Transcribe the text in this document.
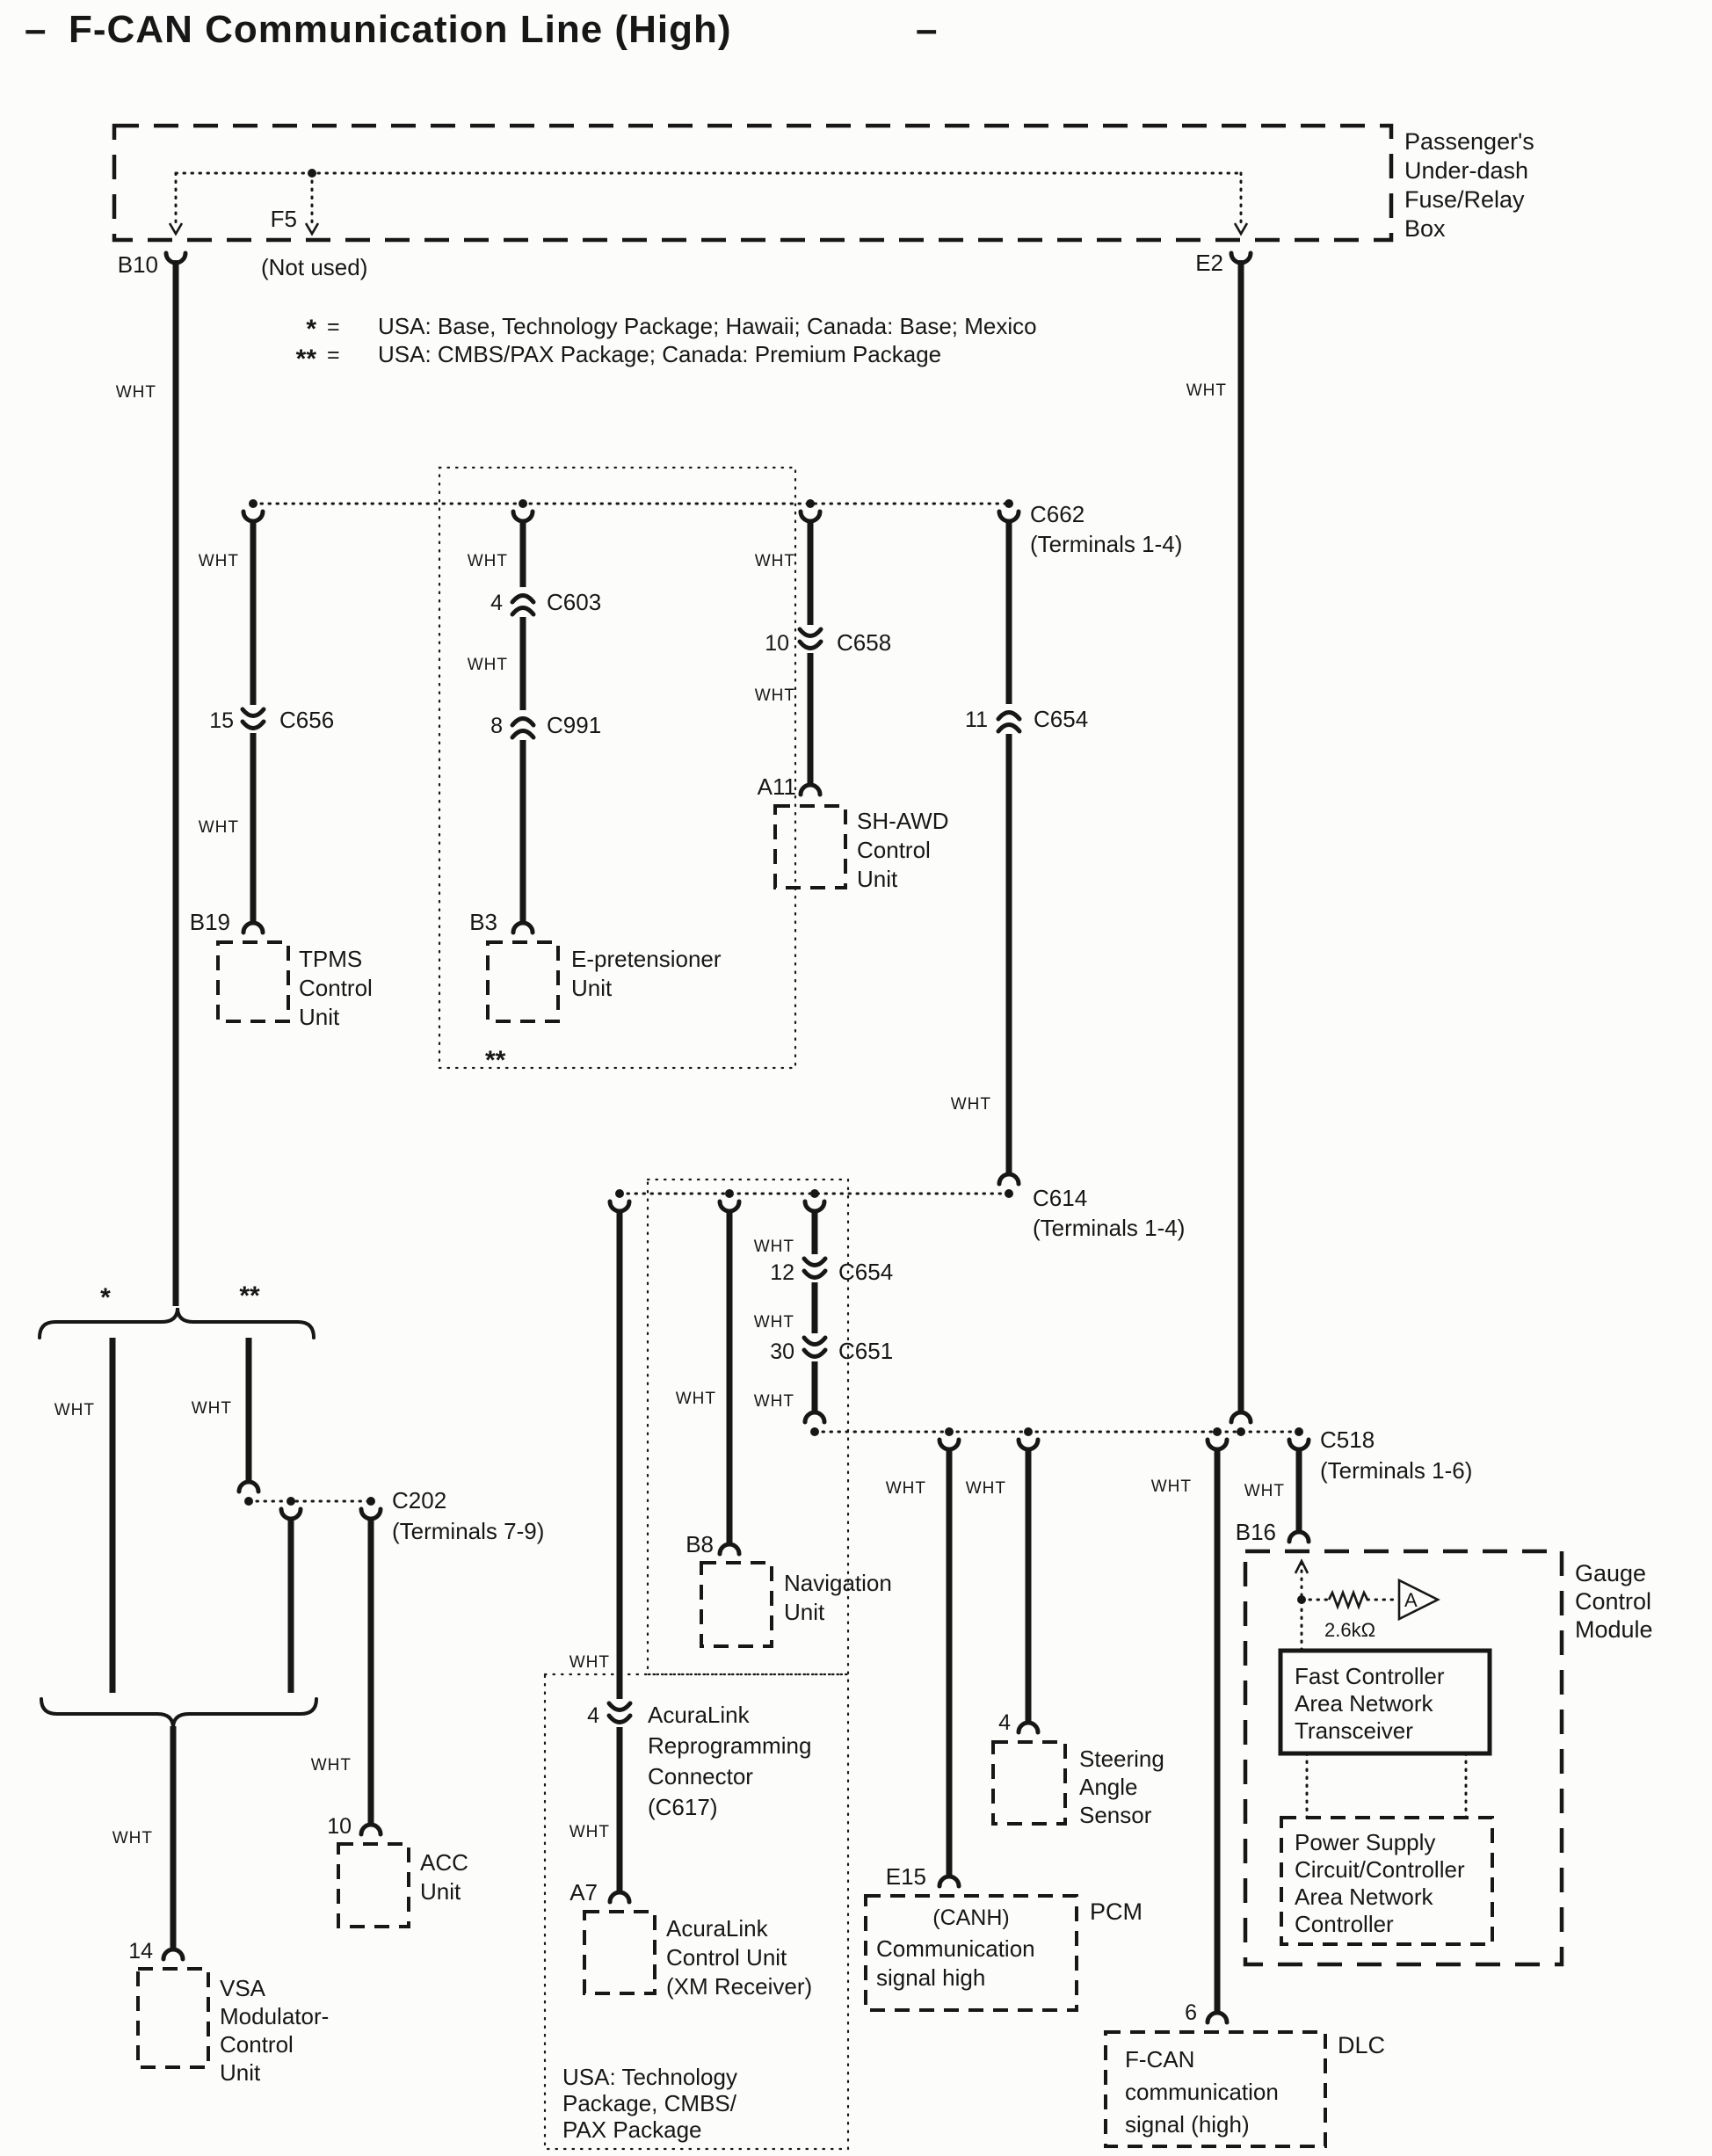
– F-CAN Communication Line (High)	–
F5
(Not used)
B10	E2
Passenger's
Under-dash
Fuse/Relay
Box
* = USA: Base, Technology Package; Hawaii; Canada: Base; Mexico
** = USA: CMBS/PAX Package; Canada: Premium Package
**
USA: Technology
Package, CMBS/
PAX Package
WHT	WHT
C662
(Terminals 1-4)
WHT
15 C656
WHT
B19
TPMS
Control
Unit
WHT
4 C603
WHT
8 C991
B3
E-pretensioner
Unit
WHT
10 C658
WHT
A11
SH-AWD
Control
Unit
11 C654
WHT
C614
(Terminals 1-4)
WHT
B8
Navigation
Unit
WHT
4 AcuraLink
Reprogramming
Connector
(C617)
WHT
A7
AcuraLink
Control Unit
(XM Receiver)
WHT
12 C654
WHT
30 C651
WHT
C518
(Terminals 1-6)
WHT
E15
(CANH)
Communication
signal high
PCM
WHT
4
Steering
Angle
Sensor
WHT
6
F-CAN
communication
signal (high)
DLC
WHT
B16
Gauge
Control
Module
2.6kΩ
A
Fast Controller
Area Network
Transceiver
Power Supply
Circuit/Controller
Area Network
Controller
*	**
WHT	WHT
C202
(Terminals 7-9)
WHT
10
ACC
Unit
WHT
14
VSA
Modulator-
Control
Unit
